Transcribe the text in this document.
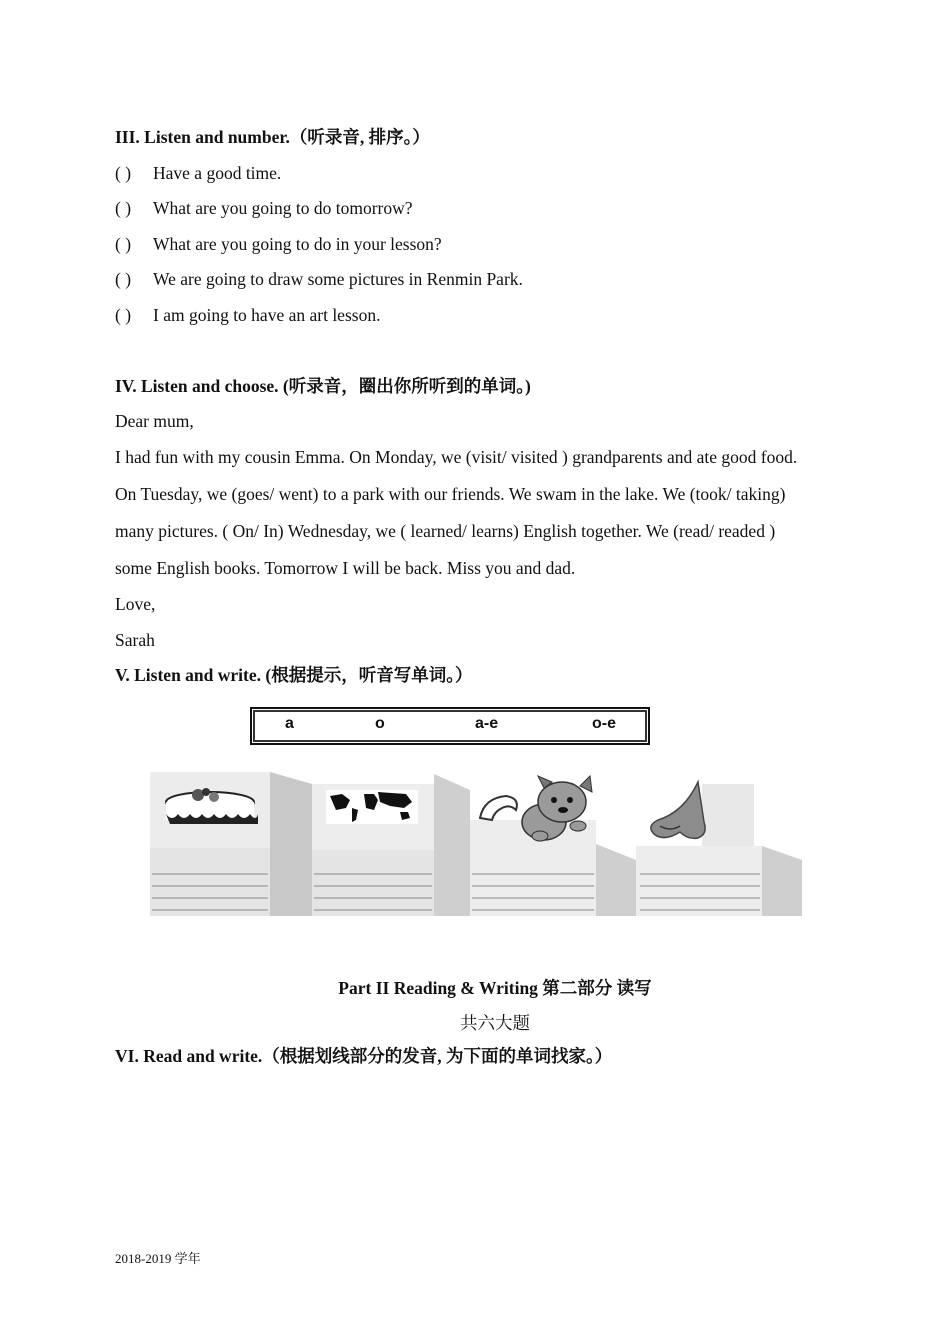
III. Listen and number.（听录音, 排序。）
( ) Have a good time.
( ) What are you going to do tomorrow?
( ) What are you going to do in your lesson?
( ) We are going to draw some pictures in Renmin Park.
( ) I am going to have an art lesson.
IV. Listen and choose. (听录音，圈出你所听到的单词。)
Dear mum,
I had fun with my cousin Emma. On Monday, we (visit/ visited ) grandparents and ate good food.
On Tuesday, we (goes/ went) to a park with our friends. We swam in the lake. We (took/ taking)
many pictures. ( On/ In) Wednesday, we ( learned/ learns) English together. We (read/ readed )
some English books. Tomorrow I will be back. Miss you and dad.
Love,
Sarah
V. Listen and write. (根据提示，听音写单词。）
a	o	a-e	o-e
Part II Reading & Writing 第二部分 读写
共六大题
VI. Read and write.（根据划线部分的发音, 为下面的单词找家。）
2018-2019 学年
